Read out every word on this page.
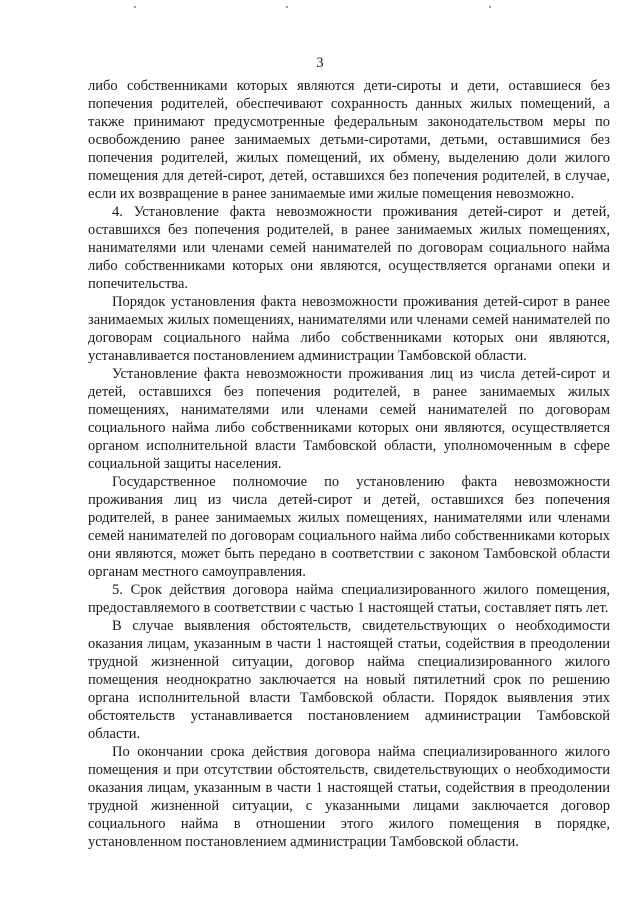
3

либо собственниками которых являются дети-сироты и дети, оставшиеся без попечения родителей, обеспечивают сохранность данных жилых помещений, а также принимают предусмотренные федеральным законодательством меры по освобождению ранее занимаемых детьми-сиротами, детьми, оставшимися без попечения родителей, жилых помещений, их обмену, выделению доли жилого помещения для детей-сирот, детей, оставшихся без попечения родителей, в случае, если их возвращение в ранее занимаемые ими жилые помещения невозможно.

4. Установление факта невозможности проживания детей-сирот и детей, оставшихся без попечения родителей, в ранее занимаемых жилых помещениях, нанимателями или членами семей нанимателей по договорам социального найма либо собственниками которых они являются, осуществляется органами опеки и попечительства.

Порядок установления факта невозможности проживания детей-сирот в ранее занимаемых жилых помещениях, нанимателями или членами семей нанимателей по договорам социального найма либо собственниками которых они являются, устанавливается постановлением администрации Тамбовской области.

Установление факта невозможности проживания лиц из числа детей-сирот и детей, оставшихся без попечения родителей, в ранее занимаемых жилых помещениях, нанимателями или членами семей нанимателей по договорам социального найма либо собственниками которых они являются, осуществляется органом исполнительной власти Тамбовской области, уполномоченным в сфере социальной защиты населения.

Государственное полномочие по установлению факта невозможности проживания лиц из числа детей-сирот и детей, оставшихся без попечения родителей, в ранее занимаемых жилых помещениях, нанимателями или членами семей нанимателей по договорам социального найма либо собственниками которых они являются, может быть передано в соответствии с законом Тамбовской области органам местного самоуправления.

5. Срок действия договора найма специализированного жилого помещения, предоставляемого в соответствии с частью 1 настоящей статьи, составляет пять лет.

В случае выявления обстоятельств, свидетельствующих о необходимости оказания лицам, указанным в части 1 настоящей статьи, содействия в преодолении трудной жизненной ситуации, договор найма специализированного жилого помещения неоднократно заключается на новый пятилетний срок по решению органа исполнительной власти Тамбовской области. Порядок выявления этих обстоятельств устанавливается постановлением администрации Тамбовской области.

По окончании срока действия договора найма специализированного жилого помещения и при отсутствии обстоятельств, свидетельствующих о необходимости оказания лицам, указанным в части 1 настоящей статьи, содействия в преодолении трудной жизненной ситуации, с указанными лицами заключается договор социального найма в отношении этого жилого помещения в порядке, установленном постановлением администрации Тамбовской области.
